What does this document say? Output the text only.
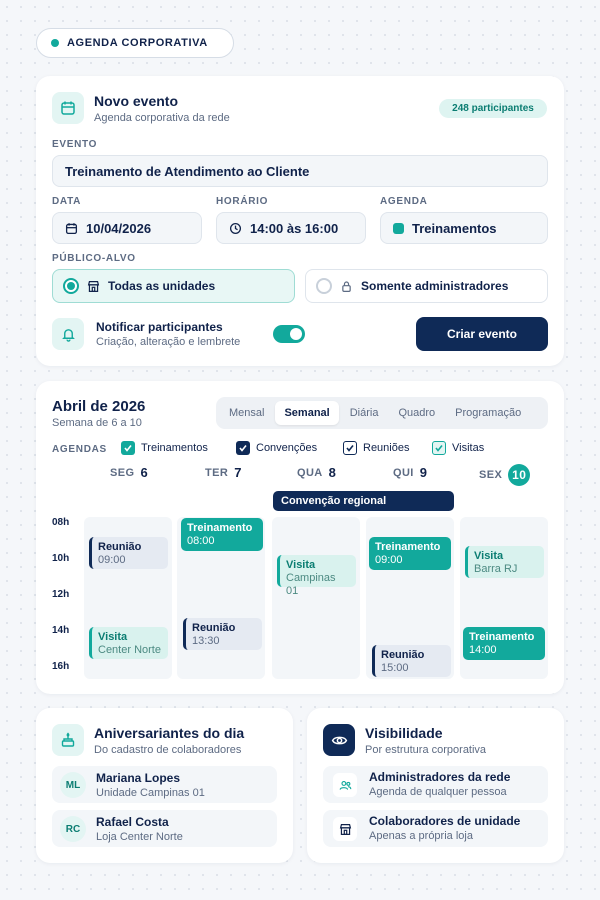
AGENDA CORPORATIVA
Novo evento
Agenda corporativa da rede
248 participantes
EVENTO
Treinamento de Atendimento ao Cliente
DATA
10/04/2026
HORÁRIO
14:00 às 16:00
AGENDA
Treinamentos
PÚBLICO-ALVO
Todas as unidades	Somente administradores
Notificar participantes
Criação, alteração e lembrete
Criar evento
Abril de 2026
Semana de 6 a 10
Mensal	Semanal	Diária	Quadro	Programação
AGENDAS	Treinamentos	Convenções	Reuniões	Visitas
SEG 6	TER 7	QUA 8	QUI 9	SEX 10
Convenção regional
08h
10h
12h
14h
16h
Reunião
09:00
Visita
Center Norte
Treinamento
08:00
Reunião
13:30
Visita
Campinas 01
Treinamento
09:00
Reunião
15:00
Visita
Barra RJ
Treinamento
14:00
Aniversariantes do dia
Do cadastro de colaboradores
ML	Mariana Lopes
Unidade Campinas 01
RC	Rafael Costa
Loja Center Norte
Visibilidade
Por estrutura corporativa
Administradores da rede
Agenda de qualquer pessoa
Colaboradores de unidade
Apenas a própria loja
